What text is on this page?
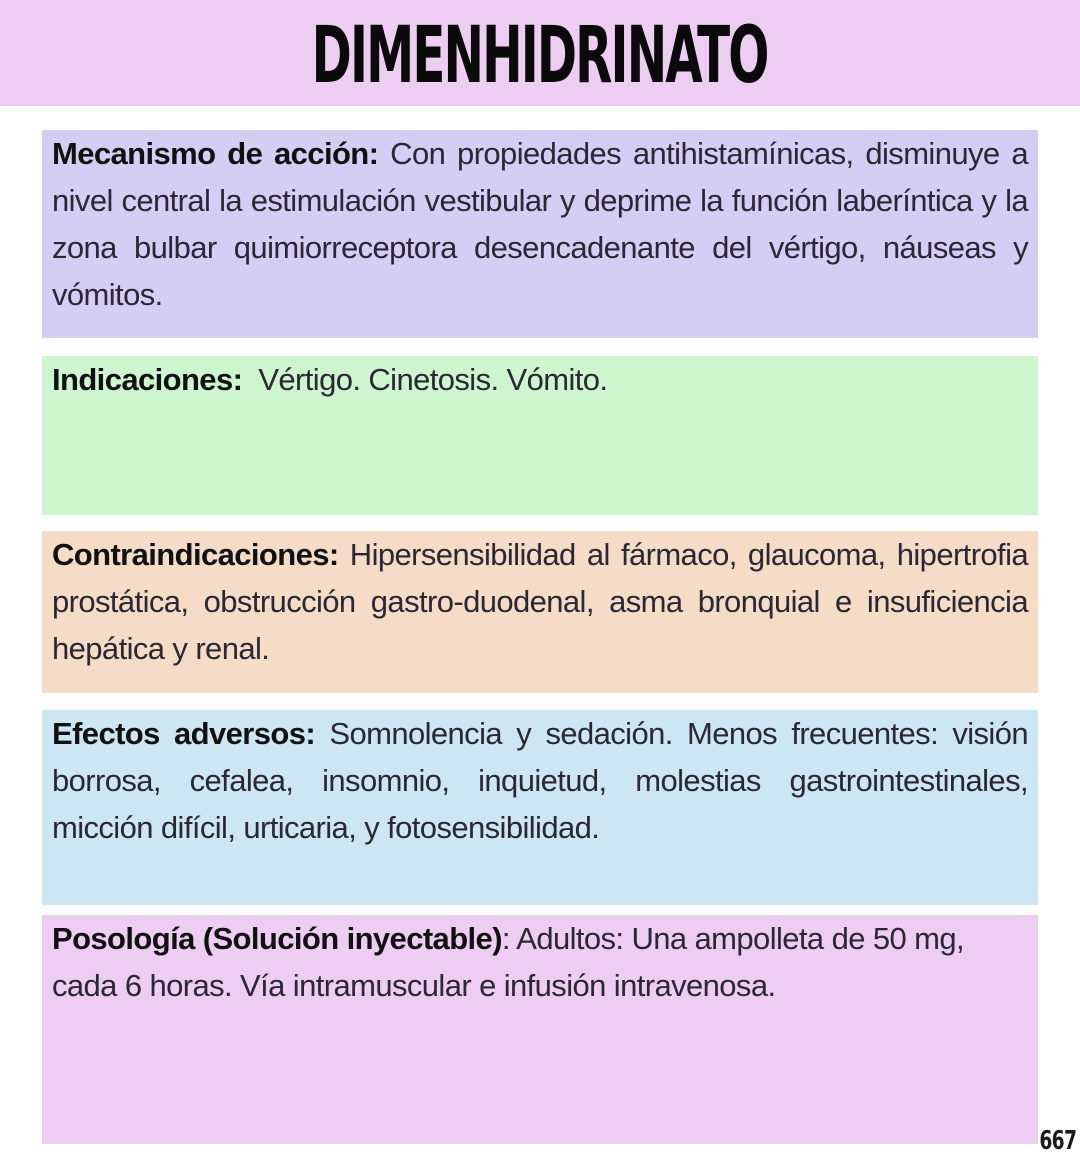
DIMENHIDRINATO

Mecanismo de acción: Con propiedades antihistamínicas, disminuye a nivel central la estimulación vestibular y deprime la función laberíntica y la zona bulbar quimiorreceptora desencadenante del vértigo, náuseas y vómitos.

Indicaciones: Vértigo. Cinetosis. Vómito.

Contraindicaciones: Hipersensibilidad al fármaco, glaucoma, hipertrofia prostática, obstrucción gastro-duodenal, asma bronquial e insuficiencia hepática y renal.

Efectos adversos: Somnolencia y sedación. Menos frecuentes: visión borrosa, cefalea, insomnio, inquietud, molestias gastrointestinales, micción difícil, urticaria, y fotosensibilidad.

Posología (Solución inyectable): Adultos: Una ampolleta de 50 mg, cada 6 horas. Vía intramuscular e infusión intravenosa.

667
